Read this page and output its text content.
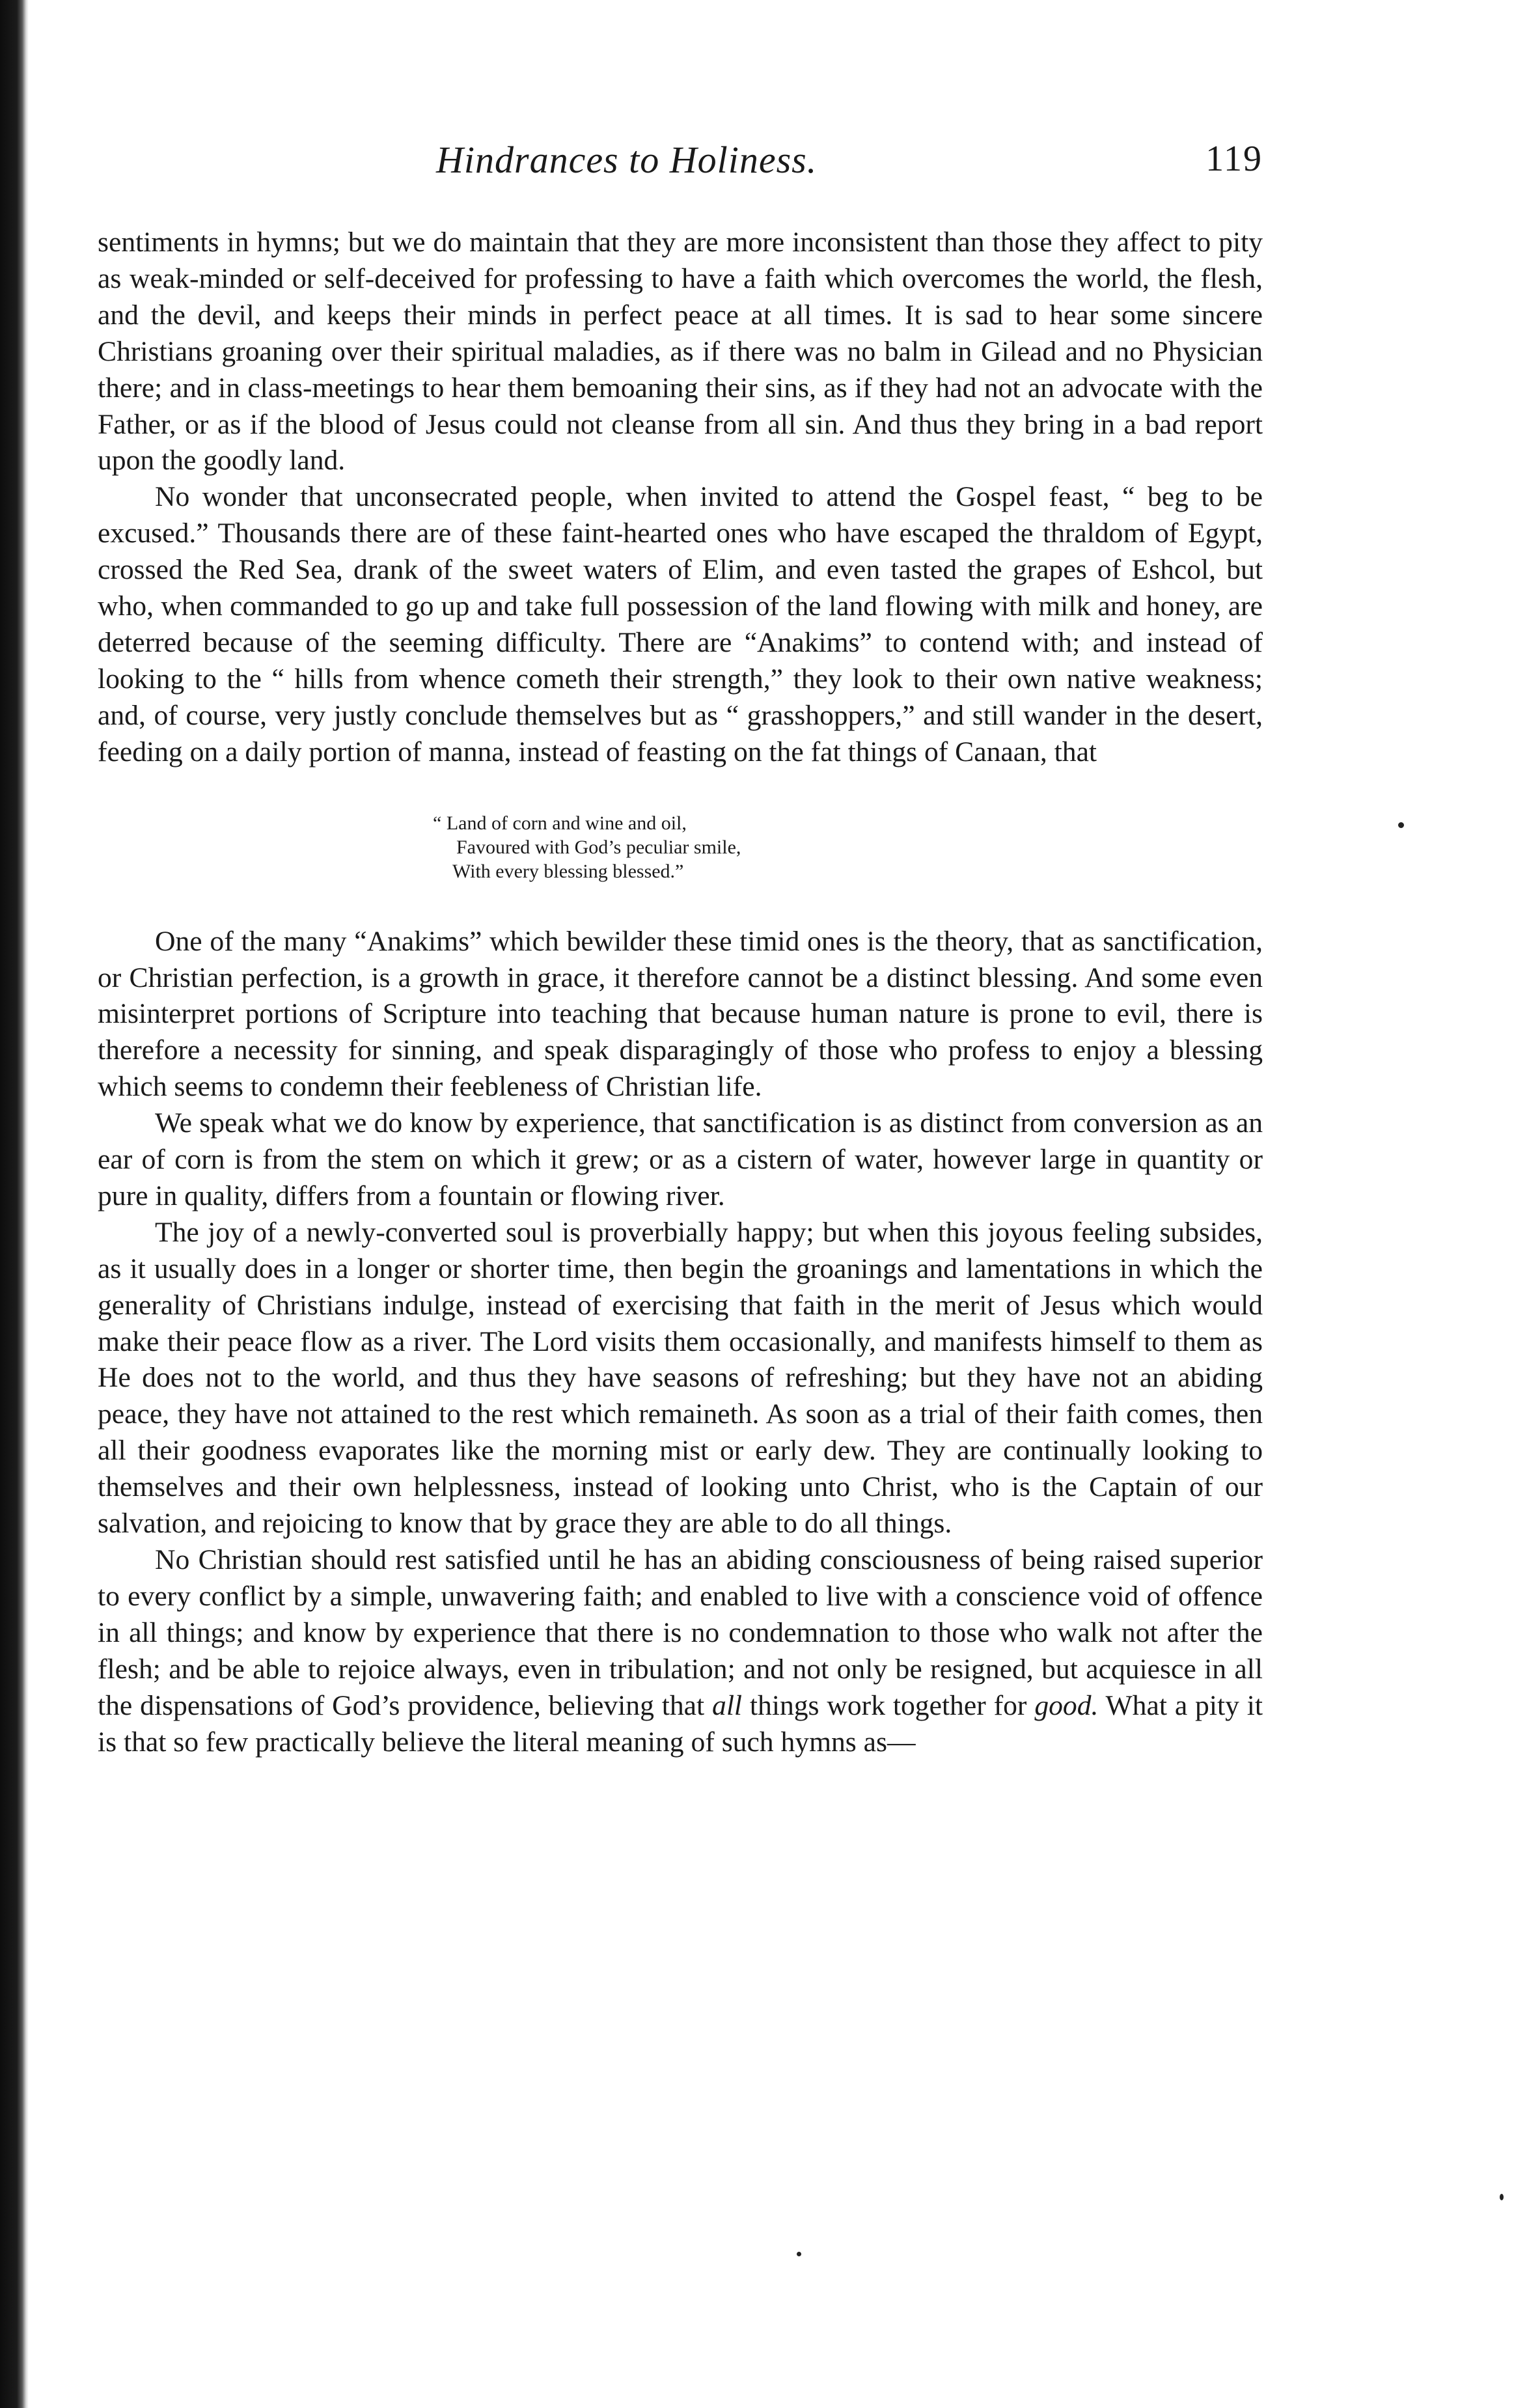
Hindrances to Holiness.	119

sentiments in hymns; but we do maintain that they are more inconsistent than those they affect to pity as weak-minded or self-deceived for professing to have a faith which overcomes the world, the flesh, and the devil, and keeps their minds in perfect peace at all times. It is sad to hear some sincere Christians groaning over their spiritual maladies, as if there was no balm in Gilead and no Physician there; and in class-meetings to hear them bemoaning their sins, as if they had not an advocate with the Father, or as if the blood of Jesus could not cleanse from all sin. And thus they bring in a bad report upon the goodly land.

No wonder that unconsecrated people, when invited to attend the Gospel feast, “ beg to be excused.” Thousands there are of these faint-hearted ones who have escaped the thraldom of Egypt, crossed the Red Sea, drank of the sweet waters of Elim, and even tasted the grapes of Eshcol, but who, when commanded to go up and take full possession of the land flowing with milk and honey, are deterred because of the seeming difficulty. There are “Anakims” to contend with; and instead of looking to the “ hills from whence cometh their strength,” they look to their own native weakness; and, of course, very justly conclude themselves but as “ grasshoppers,” and still wander in the desert, feeding on a daily portion of manna, instead of feasting on the fat things of Canaan, that

“ Land of corn and wine and oil,
Favoured with God’s peculiar smile,
With every blessing blessed.”

One of the many “Anakims” which bewilder these timid ones is the theory, that as sanctification, or Christian perfection, is a growth in grace, it therefore cannot be a distinct blessing. And some even misinterpret portions of Scripture into teaching that because human nature is prone to evil, there is therefore a necessity for sinning, and speak disparagingly of those who profess to enjoy a blessing which seems to condemn their feebleness of Christian life.

We speak what we do know by experience, that sanctification is as distinct from conversion as an ear of corn is from the stem on which it grew; or as a cistern of water, however large in quantity or pure in quality, differs from a fountain or flowing river.

The joy of a newly-converted soul is proverbially happy; but when this joyous feeling subsides, as it usually does in a longer or shorter time, then begin the groanings and lamentations in which the generality of Christians indulge, instead of exercising that faith in the merit of Jesus which would make their peace flow as a river. The Lord visits them occasionally, and manifests himself to them as He does not to the world, and thus they have seasons of refreshing; but they have not an abiding peace, they have not attained to the rest which remaineth. As soon as a trial of their faith comes, then all their goodness evaporates like the morning mist or early dew. They are continually looking to themselves and their own helplessness, instead of looking unto Christ, who is the Captain of our salvation, and rejoicing to know that by grace they are able to do all things.

No Christian should rest satisfied until he has an abiding consciousness of being raised superior to every conflict by a simple, unwavering faith; and enabled to live with a conscience void of offence in all things; and know by experience that there is no condemnation to those who walk not after the flesh; and be able to rejoice always, even in tribulation; and not only be resigned, but acquiesce in all the dispensations of God’s providence, believing that all things work together for good. What a pity it is that so few practically believe the literal meaning of such hymns as—
